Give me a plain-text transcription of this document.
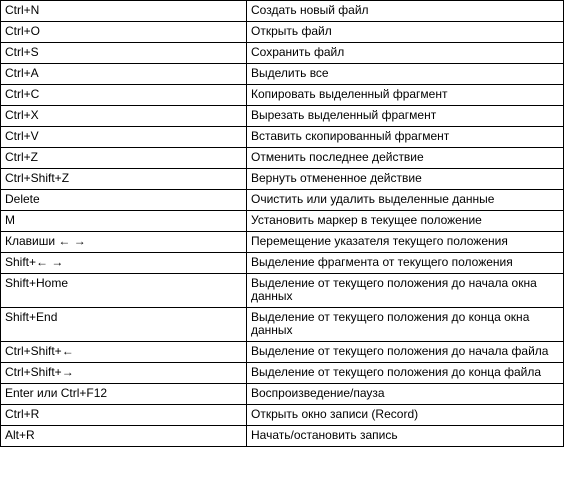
Ctrl+N	Создать новый файл
Ctrl+O	Открыть файл
Ctrl+S	Сохранить файл
Ctrl+A	Выделить все
Ctrl+C	Копировать выделенный фрагмент
Ctrl+X	Вырезать выделенный фрагмент
Ctrl+V	Вставить скопированный фрагмент
Ctrl+Z	Отменить последнее действие
Ctrl+Shift+Z	Вернуть отмененное действие
Delete	Очистить или удалить выделенные данные
M	Установить маркер в текущее положение
Клавиши ← →	Перемещение указателя текущего положения
Shift+← →	Выделение фрагмента от текущего положения
Shift+Home	Выделение от текущего положения до начала окна данных
Shift+End	Выделение от текущего положения до конца окна данных
Ctrl+Shift+←	Выделение от текущего положения до начала файла
Ctrl+Shift+→	Выделение от текущего положения до конца файла
Enter или Ctrl+F12	Воспроизведение/пауза
Ctrl+R	Открыть окно записи (Record)
Alt+R	Начать/остановить запись
